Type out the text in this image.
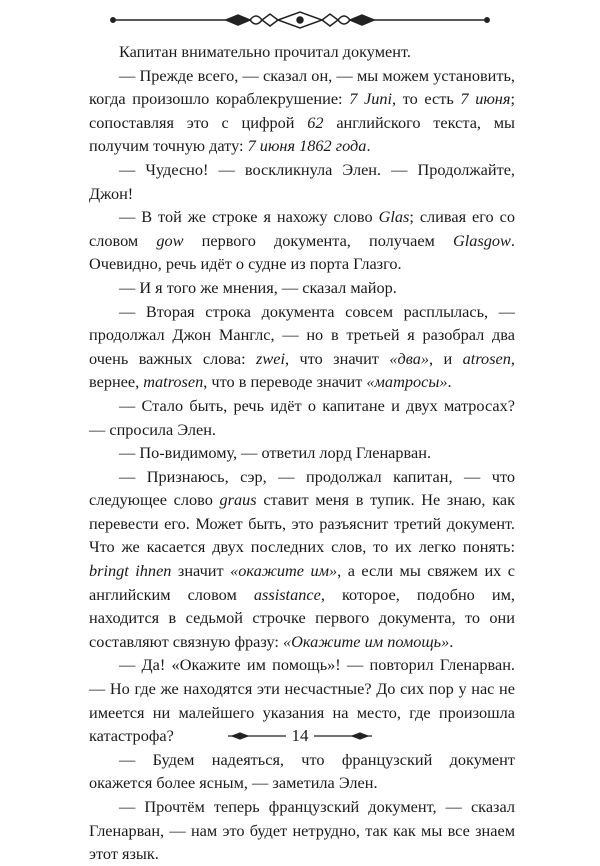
Капитан внимательно прочитал документ.

— Прежде всего, — сказал он, — мы можем установить, когда произошло кораблекрушение: 7 Juni, то есть 7 июня; сопоставляя это с цифрой 62 английского текста, мы получим точную дату: 7 июня 1862 года.

— Чудесно! — воскликнула Элен. — Продолжайте, Джон!

— В той же строке я нахожу слово Glas; сливая его со словом gow первого документа, получаем Glasgow. Очевидно, речь идёт о судне из порта Глазго.

— И я того же мнения, — сказал майор.

— Вторая строка документа совсем расплылась, — продолжал Джон Манглс, — но в третьей я разобрал два очень важных слова: zwei, что значит «два», и atrosen, вернее, matrosen, что в переводе значит «матросы».

— Стало быть, речь идёт о капитане и двух матросах? — спросила Элен.

— По-видимому, — ответил лорд Гленарван.

— Признаюсь, сэр, — продолжал капитан, — что следующее слово graus ставит меня в тупик. Не знаю, как перевести его. Может быть, это разъяснит третий документ. Что же касается двух последних слов, то их легко понять: bringt ihnen значит «окажите им», а если мы свяжем их с английским словом assistance, которое, подобно им, находится в седьмой строчке первого документа, то они составляют связную фразу: «Окажите им помощь».

— Да! «Окажите им помощь»! — повторил Гленарван. — Но где же находятся эти несчастные? До сих пор у нас не имеется ни малейшего указания на место, где произошла катастрофа?

— Будем надеяться, что французский документ окажется более ясным, — заметила Элен.

— Прочтём теперь французский документ, — сказал Гленарван, — нам это будет нетрудно, так как мы все знаем этот язык.

14
